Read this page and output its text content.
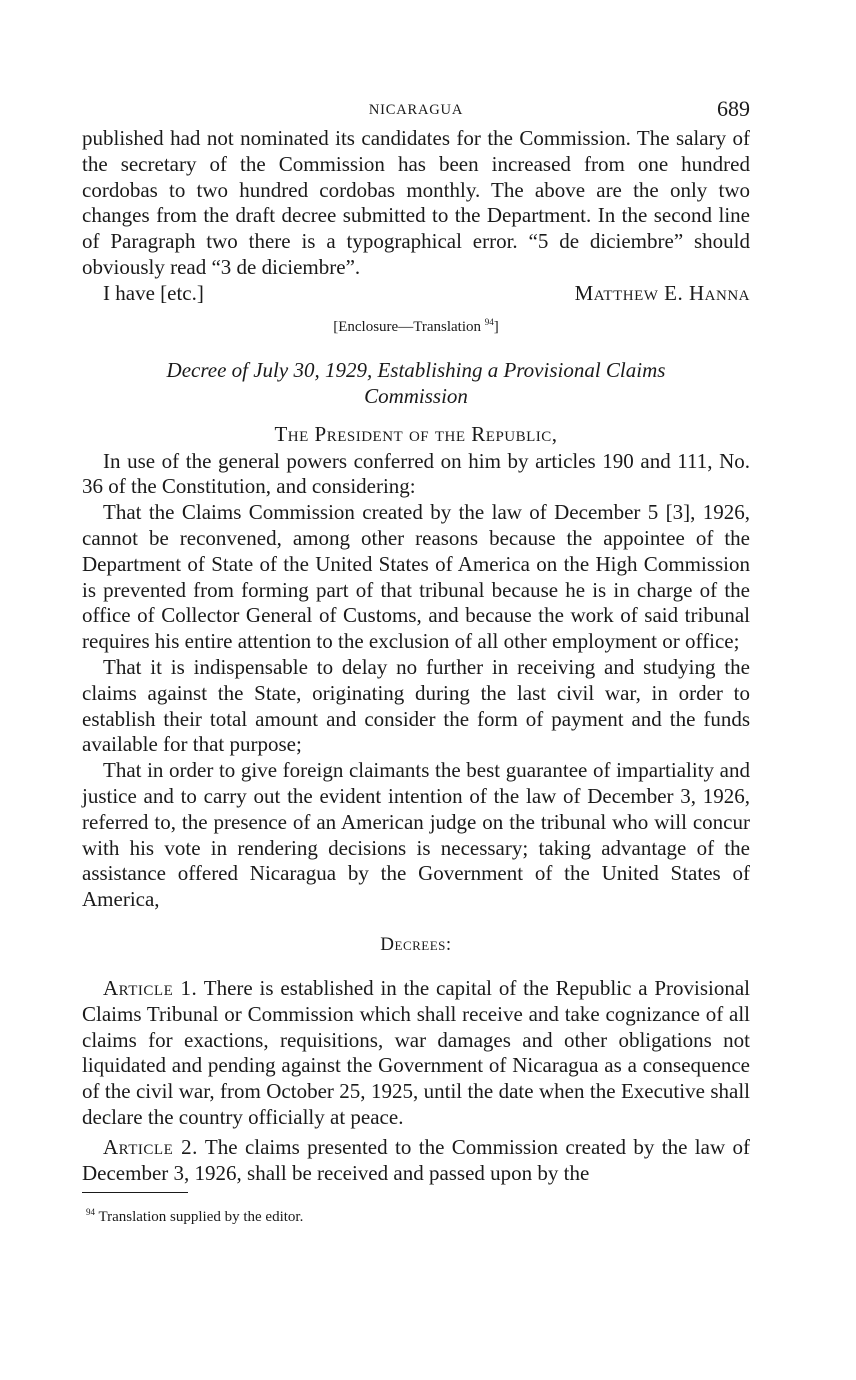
NICARAGUA	689

published had not nominated its candidates for the Commission. The salary of the secretary of the Commission has been increased from one hundred cordobas to two hundred cordobas monthly. The above are the only two changes from the draft decree submitted to the Department. In the second line of Paragraph two there is a typographical error. “5 de diciembre” should obviously read “3 de diciembre”.

I have [etc.]	Matthew E. Hanna
[Enclosure—Translation $^{94}$]
Decree of July 30, 1929, Establishing a Provisional Claims Commission
The President of the Republic,

In use of the general powers conferred on him by articles 190 and 111, No. 36 of the Constitution, and considering:

That the Claims Commission created by the law of December 5 [3], 1926, cannot be reconvened, among other reasons because the appointee of the Department of State of the United States of America on the High Commission is prevented from forming part of that tribunal because he is in charge of the office of Collector General of Customs, and because the work of said tribunal requires his entire attention to the exclusion of all other employment or office;

That it is indispensable to delay no further in receiving and studying the claims against the State, originating during the last civil war, in order to establish their total amount and consider the form of payment and the funds available for that purpose;

That in order to give foreign claimants the best guarantee of impartiality and justice and to carry out the evident intention of the law of December 3, 1926, referred to, the presence of an American judge on the tribunal who will concur with his vote in rendering decisions is necessary; taking advantage of the assistance offered Nicaragua by the Government of the United States of America,

Decrees:

Article 1. There is established in the capital of the Republic a Provisional Claims Tribunal or Commission which shall receive and take cognizance of all claims for exactions, requisitions, war damages and other obligations not liquidated and pending against the Government of Nicaragua as a consequence of the civil war, from October 25, 1925, until the date when the Executive shall declare the country officially at peace.

Article 2. The claims presented to the Commission created by the law of December 3, 1926, shall be received and passed upon by the

$^{94}$ Translation supplied by the editor.
